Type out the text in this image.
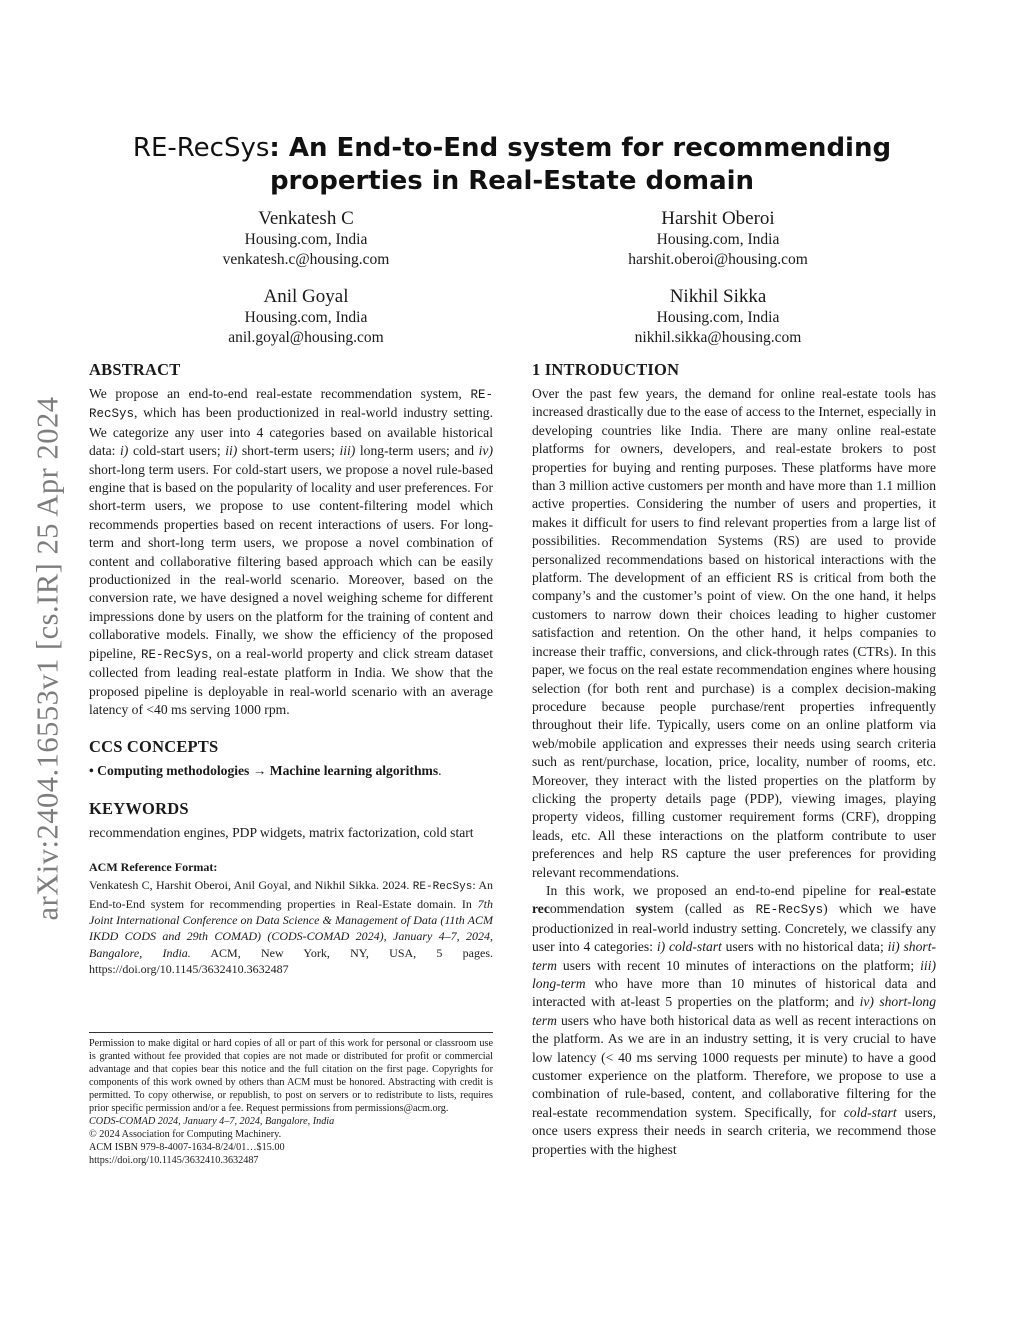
arXiv:2404.16553v1 [cs.IR] 25 Apr 2024
RE-RecSys: An End-to-End system for recommending properties in Real-Estate domain
Venkatesh C
Housing.com, India
venkatesh.c@housing.com
Harshit Oberoi
Housing.com, India
harshit.oberoi@housing.com
Anil Goyal
Housing.com, India
anil.goyal@housing.com
Nikhil Sikka
Housing.com, India
nikhil.sikka@housing.com
ABSTRACT

We propose an end-to-end real-estate recommendation system, RE-RecSys, which has been productionized in real-world industry setting. We categorize any user into 4 categories based on available historical data: i) cold-start users; ii) short-term users; iii) long-term users; and iv) short-long term users. For cold-start users, we propose a novel rule-based engine that is based on the popularity of locality and user preferences. For short-term users, we propose to use content-filtering model which recommends properties based on recent interactions of users. For long-term and short-long term users, we propose a novel combination of content and collaborative filtering based approach which can be easily productionized in the real-world scenario. Moreover, based on the conversion rate, we have designed a novel weighing scheme for different impressions done by users on the platform for the training of content and collaborative models. Finally, we show the efficiency of the proposed pipeline, RE-RecSys, on a real-world property and click stream dataset collected from leading real-estate platform in India. We show that the proposed pipeline is deployable in real-world scenario with an average latency of <40 ms serving 1000 rpm.

CCS CONCEPTS

• Computing methodologies → Machine learning algorithms.

KEYWORDS

recommendation engines, PDP widgets, matrix factorization, cold start

ACM Reference Format:

Venkatesh C, Harshit Oberoi, Anil Goyal, and Nikhil Sikka. 2024. RE-RecSys: An End-to-End system for recommending properties in Real-Estate domain. In 7th Joint International Conference on Data Science & Management of Data (11th ACM IKDD CODS and 29th COMAD) (CODS-COMAD 2024), January 4–7, 2024, Bangalore, India. ACM, New York, NY, USA, 5 pages. https://doi.org/10.1145/3632410.3632487

Permission to make digital or hard copies of all or part of this work for personal or classroom use is granted without fee provided that copies are not made or distributed for profit or commercial advantage and that copies bear this notice and the full citation on the first page. Copyrights for components of this work owned by others than ACM must be honored. Abstracting with credit is permitted. To copy otherwise, or republish, to post on servers or to redistribute to lists, requires prior specific permission and/or a fee. Request permissions from permissions@acm.org.

CODS-COMAD 2024, January 4–7, 2024, Bangalore, India

© 2024 Association for Computing Machinery.

ACM ISBN 979-8-4007-1634-8/24/01…$15.00

https://doi.org/10.1145/3632410.3632487

1 INTRODUCTION

Over the past few years, the demand for online real-estate tools has increased drastically due to the ease of access to the Internet, especially in developing countries like India. There are many online real-estate platforms for owners, developers, and real-estate brokers to post properties for buying and renting purposes. These platforms have more than 3 million active customers per month and have more than 1.1 million active properties. Considering the number of users and properties, it makes it difficult for users to find relevant properties from a large list of possibilities. Recommendation Systems (RS) are used to provide personalized recommendations based on historical interactions with the platform. The development of an efficient RS is critical from both the company’s and the customer’s point of view. On the one hand, it helps customers to narrow down their choices leading to higher customer satisfaction and retention. On the other hand, it helps companies to increase their traffic, conversions, and click-through rates (CTRs). In this paper, we focus on the real estate recommendation engines where housing selection (for both rent and purchase) is a complex decision-making procedure because people purchase/rent properties infrequently throughout their life. Typically, users come on an online platform via web/mobile application and expresses their needs using search criteria such as rent/purchase, location, price, locality, number of rooms, etc. Moreover, they interact with the listed properties on the platform by clicking the property details page (PDP), viewing images, playing property videos, filling customer requirement forms (CRF), dropping leads, etc. All these interactions on the platform contribute to user preferences and help RS capture the user preferences for providing relevant recommendations.

In this work, we proposed an end-to-end pipeline for real-estate recommendation system (called as RE-RecSys) which we have productionized in real-world industry setting. Concretely, we classify any user into 4 categories: i) cold-start users with no historical data; ii) short-term users with recent 10 minutes of interactions on the platform; iii) long-term who have more than 10 minutes of historical data and interacted with at-least 5 properties on the platform; and iv) short-long term users who have both historical data as well as recent interactions on the platform. As we are in an industry setting, it is very crucial to have low latency (< 40 ms serving 1000 requests per minute) to have a good customer experience on the platform. Therefore, we propose to use a combination of rule-based, content, and collaborative filtering for the real-estate recommendation system. Specifically, for cold-start users, once users express their needs in search criteria, we recommend those properties with the highest
